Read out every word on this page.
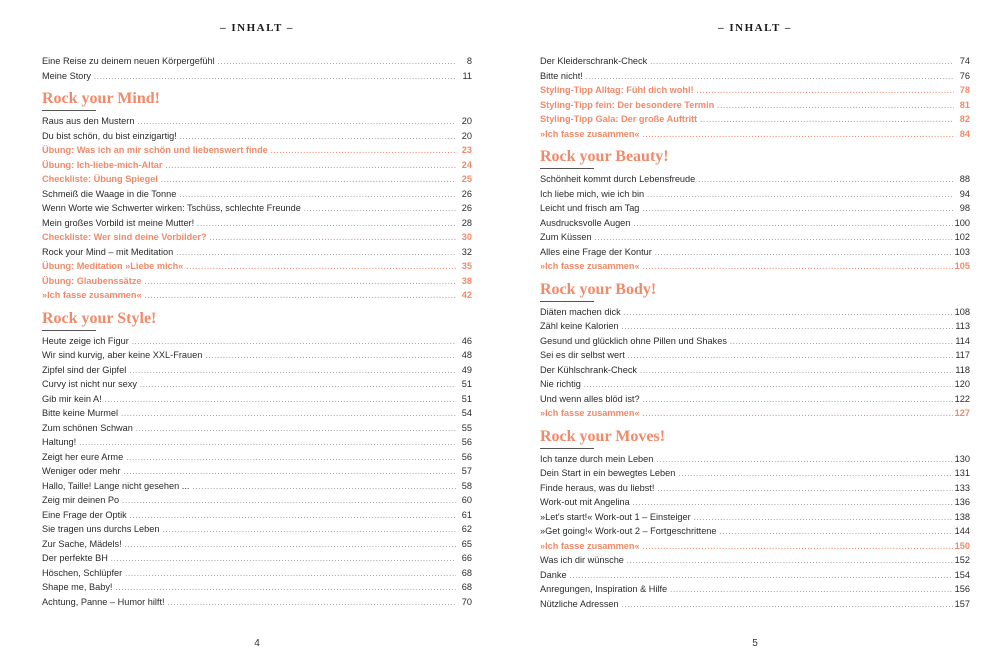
– INHALT –
Eine Reise zu deinem neuen Körpergefühl .....	8
Meine Story .....	11
Rock your Mind!
Raus aus den Mustern .....	20
Du bist schön, du bist einzigartig! .....	20
Übung: Was ich an mir schön und liebenswert finde .....	23
Übung: Ich-liebe-mich-Altar .....	24
Checkliste: Übung Spiegel .....	25
Schmeiß die Waage in die Tonne .....	26
Wenn Worte wie Schwerter wirken: Tschüss, schlechte Freunde .....	26
Mein großes Vorbild ist meine Mutter! .....	28
Checkliste: Wer sind deine Vorbilder? .....	30
Rock your Mind – mit Meditation .....	32
Übung: Meditation »Liebe mich« .....	35
Übung: Glaubenssätze .....	38
»Ich fasse zusammen« .....	42
Rock your Style!
Heute zeige ich Figur .....	46
Wir sind kurvig, aber keine XXL-Frauen .....	48
Zipfel sind der Gipfel .....	49
Curvy ist nicht nur sexy .....	51
Gib mir kein A! .....	51
Bitte keine Murmel .....	54
Zum schönen Schwan .....	55
Haltung! .....	56
Zeigt her eure Arme .....	56
Weniger oder mehr .....	57
Hallo, Taille! Lange nicht gesehen ... .....	58
Zeig mir deinen Po .....	60
Eine Frage der Optik .....	61
Sie tragen uns durchs Leben .....	62
Zur Sache, Mädels! .....	65
Der perfekte BH .....	66
Höschen, Schlüpfer .....	68
Shape me, Baby! .....	68
Achtung, Panne – Humor hilft! .....	70
4
– INHALT –
Der Kleiderschrank-Check .....	74
Bitte nicht! .....	76
Styling-Tipp Alltag: Fühl dich wohl! .....	78
Styling-Tipp fein: Der besondere Termin .....	81
Styling-Tipp Gala: Der große Auftritt .....	82
»Ich fasse zusammen« .....	84
Rock your Beauty!
Schönheit kommt durch Lebensfreude .....	88
Ich liebe mich, wie ich bin .....	94
Leicht und frisch am Tag .....	98
Ausdrucksvolle Augen .....	100
Zum Küssen .....	102
Alles eine Frage der Kontur .....	103
»Ich fasse zusammen« .....	105
Rock your Body!
Diäten machen dick .....	108
Zähl keine Kalorien .....	113
Gesund und glücklich ohne Pillen und Shakes .....	114
Sei es dir selbst wert .....	117
Der Kühlschrank-Check .....	118
Nie richtig .....	120
Und wenn alles blöd ist? .....	122
»Ich fasse zusammen« .....	127
Rock your Moves!
Ich tanze durch mein Leben .....	130
Dein Start in ein bewegtes Leben .....	131
Finde heraus, was du liebst! .....	133
Work-out mit Angelina .....	136
»Let's start!« Work-out 1 – Einsteiger .....	138
»Get going!« Work-out 2 – Fortgeschrittene .....	144
»Ich fasse zusammen« .....	150
Was ich dir wünsche .....	152
Danke .....	154
Anregungen, Inspiration & Hilfe .....	156
Nützliche Adressen .....	157
5
